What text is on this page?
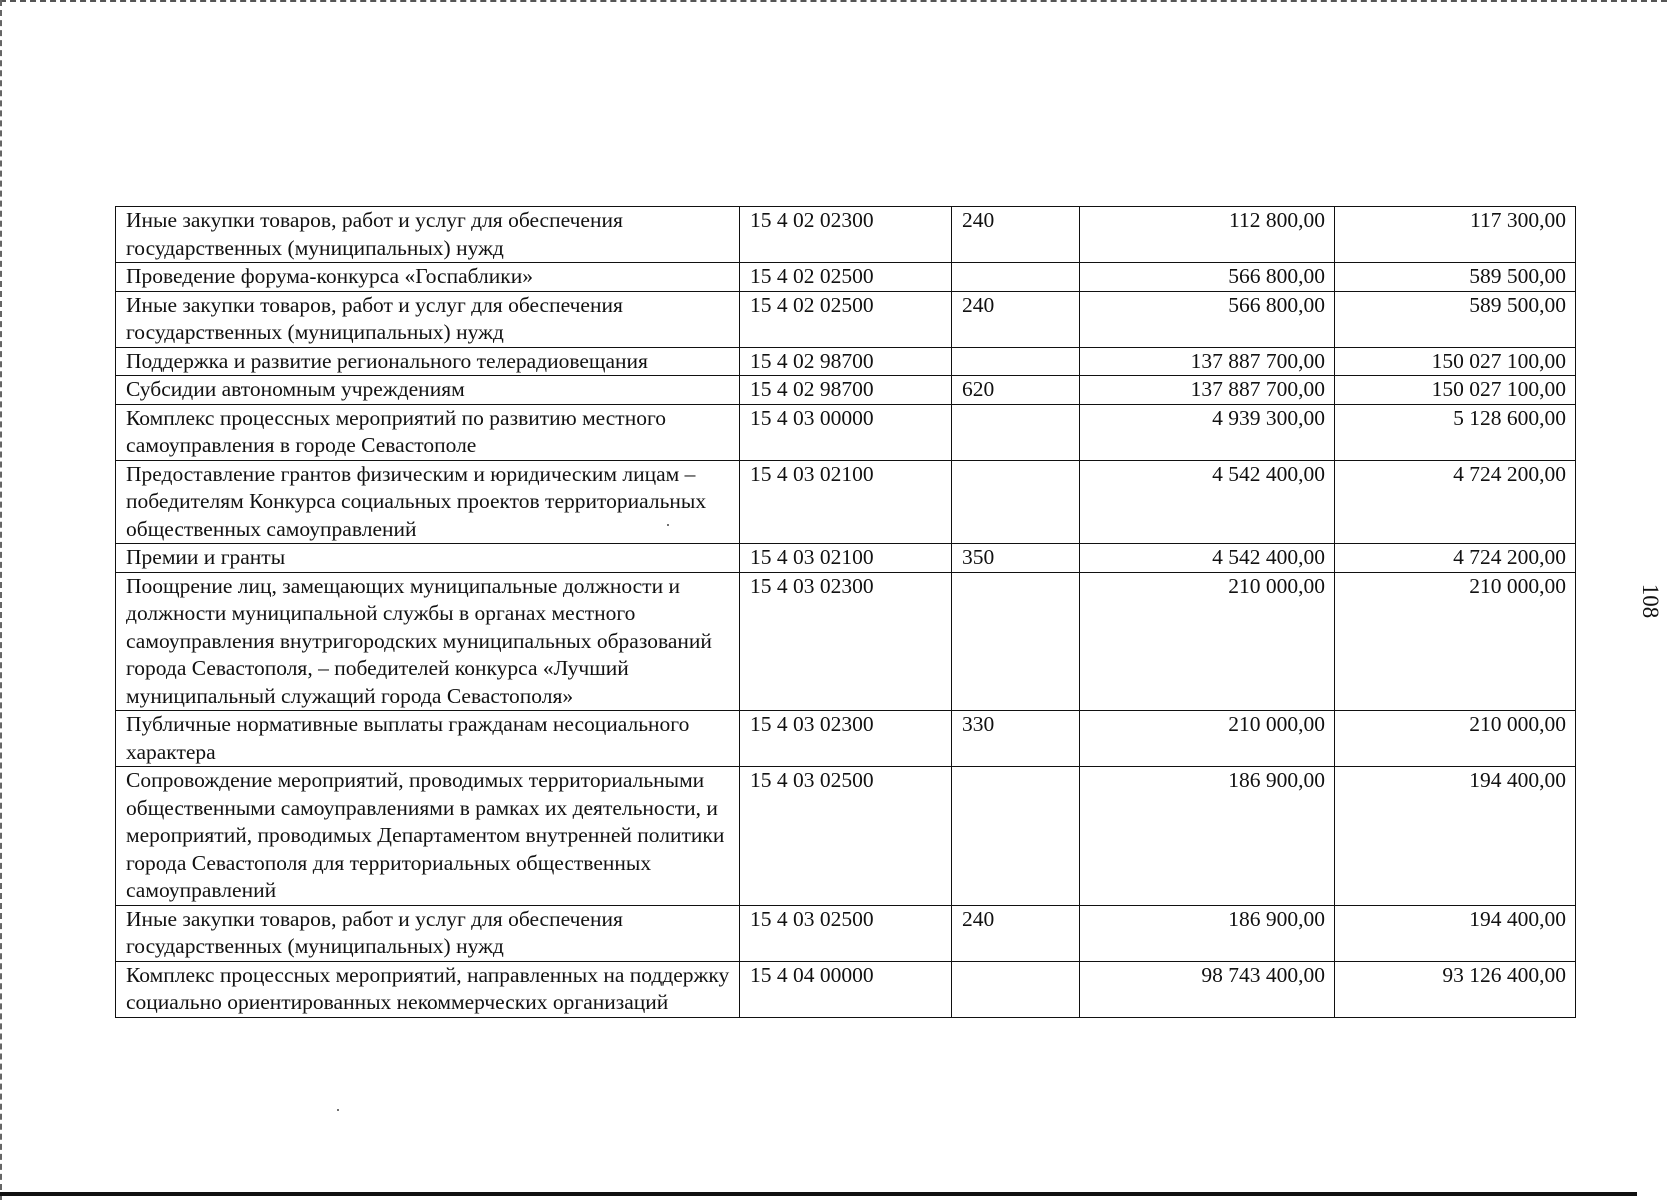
108
Иные закупки товаров, работ и услуг для обеспечения государственных (муниципальных) нужд	15 4 02 02300	240	112 800,00	117 300,00
Проведение форума-конкурса «Госпаблики»	15 4 02 02500		566 800,00	589 500,00
Иные закупки товаров, работ и услуг для обеспечения государственных (муниципальных) нужд	15 4 02 02500	240	566 800,00	589 500,00
Поддержка и развитие регионального телерадиовещания	15 4 02 98700		137 887 700,00	150 027 100,00
Субсидии автономным учреждениям	15 4 02 98700	620	137 887 700,00	150 027 100,00
Комплекс процессных мероприятий по развитию местного самоуправления в городе Севастополе	15 4 03 00000		4 939 300,00	5 128 600,00
Предоставление грантов физическим и юридическим лицам – победителям Конкурса социальных проектов территориальных общественных самоуправлений	15 4 03 02100		4 542 400,00	4 724 200,00
Премии и гранты	15 4 03 02100	350	4 542 400,00	4 724 200,00
Поощрение лиц, замещающих муниципальные должности и должности муниципальной службы в органах местного самоуправления внутригородских муниципальных образований города Севастополя, – победителей конкурса «Лучший муниципальный служащий города Севастополя»	15 4 03 02300		210 000,00	210 000,00
Публичные нормативные выплаты гражданам несоциального характера	15 4 03 02300	330	210 000,00	210 000,00
Сопровождение мероприятий, проводимых территориальными общественными самоуправлениями в рамках их деятельности, и мероприятий, проводимых Департаментом внутренней политики города Севастополя для территориальных общественных самоуправлений	15 4 03 02500		186 900,00	194 400,00
Иные закупки товаров, работ и услуг для обеспечения государственных (муниципальных) нужд	15 4 03 02500	240	186 900,00	194 400,00
Комплекс процессных мероприятий, направленных на поддержку социально ориентированных некоммерческих организаций	15 4 04 00000		98 743 400,00	93 126 400,00
